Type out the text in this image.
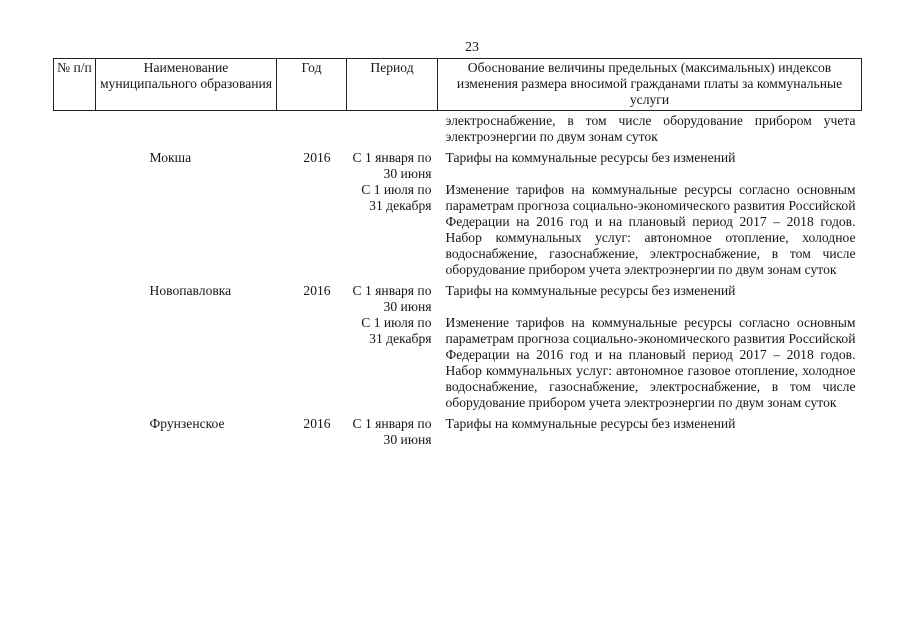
23
№ п/п	Наименование муниципального образования	Год	Период	Обоснование величины предельных (максимальных) индексов изменения размера вносимой гражданами платы за коммунальные услуги
				электроснабжение, в том числе оборудование прибором учета электроэнергии по двум зонам суток

	Мокша	2016	С 1 января по 30 июня	Тарифы на коммунальные ресурсы без изменений
			С 1 июля по 31 декабря	Изменение тарифов на коммунальные ресурсы согласно основным параметрам прогноза социально-экономического развития Российской Федерации на 2016 год и на плановый период 2017 – 2018 годов. Набор коммунальных услуг: автономное отопление, холодное водоснабжение, газоснабжение, электроснабжение, в том числе оборудование прибором учета электроэнергии по двум зонам суток

	Новопавловка	2016	С 1 января по 30 июня	Тарифы на коммунальные ресурсы без изменений
			С 1 июля по 31 декабря	Изменение тарифов на коммунальные ресурсы согласно основным параметрам прогноза социально-экономического развития Российской Федерации на 2016 год и на плановый период 2017 – 2018 годов. Набор коммунальных услуг: автономное газовое отопление, холодное водоснабжение, газоснабжение, электроснабжение, в том числе оборудование прибором учета электроэнергии по двум зонам суток

	Фрунзенское	2016	С 1 января по 30 июня	Тарифы на коммунальные ресурсы без изменений
